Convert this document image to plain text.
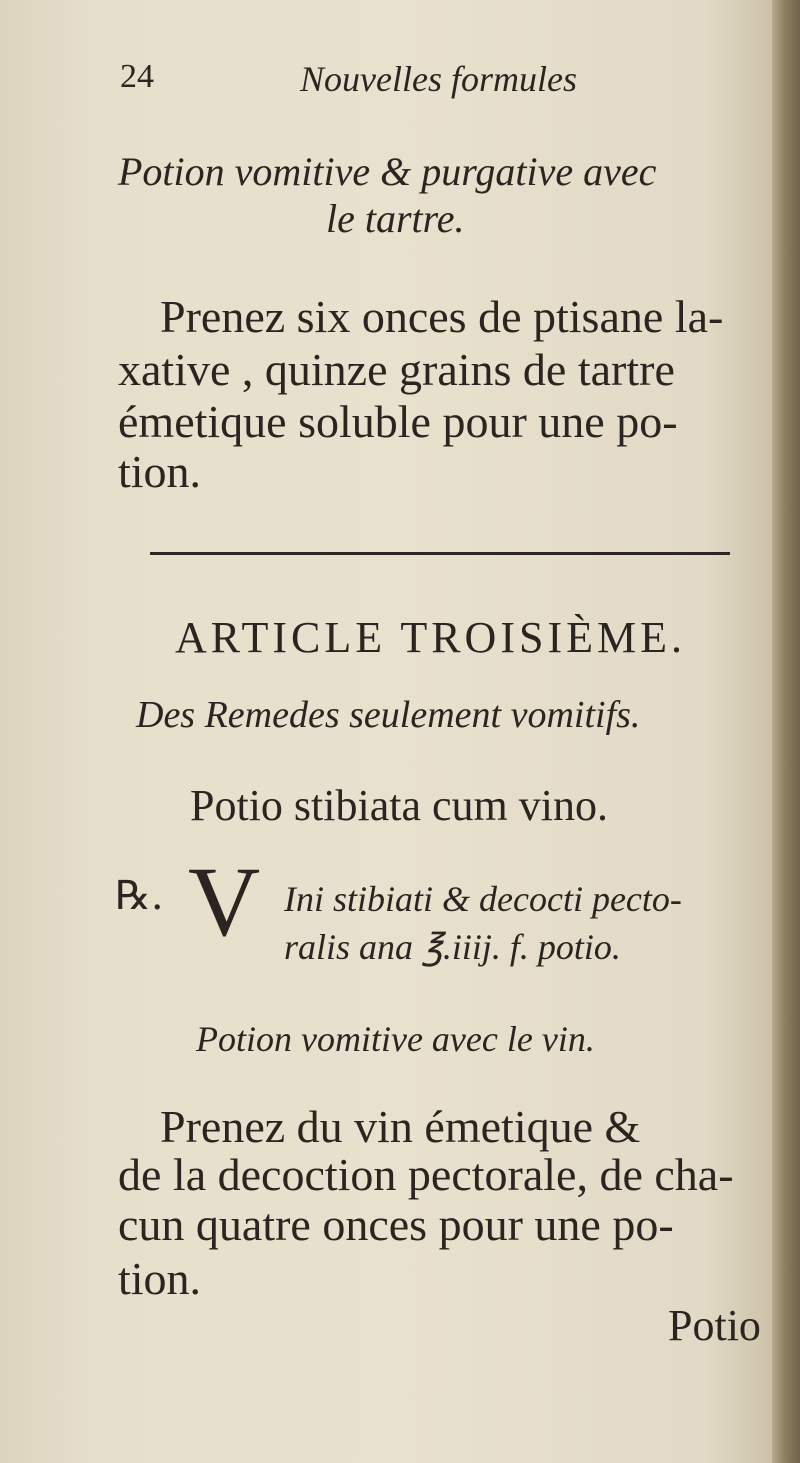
24	Nouvelles formules
Potion vomitive & purgative avec
le tartre.
Prenez six onces de ptisane la-
xative , quinze grains de tartre
émetique soluble pour une po-
tion.
ARTICLE TROISIÈME.
Des Remedes seulement vomitifs.
Potio stibiata cum vino.
℞. V Ini stibiati & decocti pecto-
ralis ana ℥.iiij. f. potio.
Potion vomitive avec le vin.
Prenez du vin émetique &
de la decoction pectorale, de cha-
cun quatre onces pour une po-
tion.
Potio
